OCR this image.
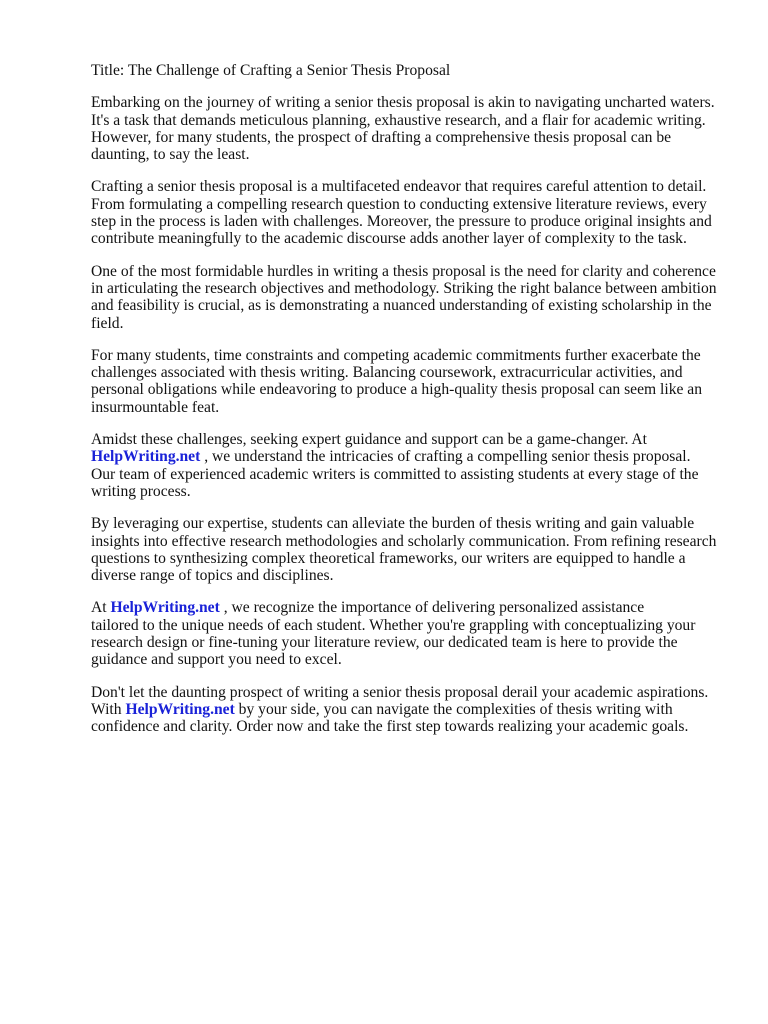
Title: The Challenge of Crafting a Senior Thesis Proposal

Embarking on the journey of writing a senior thesis proposal is akin to navigating uncharted waters.
It's a task that demands meticulous planning, exhaustive research, and a flair for academic writing.
However, for many students, the prospect of drafting a comprehensive thesis proposal can be
daunting, to say the least.

Crafting a senior thesis proposal is a multifaceted endeavor that requires careful attention to detail.
From formulating a compelling research question to conducting extensive literature reviews, every
step in the process is laden with challenges. Moreover, the pressure to produce original insights and
contribute meaningfully to the academic discourse adds another layer of complexity to the task.

One of the most formidable hurdles in writing a thesis proposal is the need for clarity and coherence
in articulating the research objectives and methodology. Striking the right balance between ambition
and feasibility is crucial, as is demonstrating a nuanced understanding of existing scholarship in the
field.

For many students, time constraints and competing academic commitments further exacerbate the
challenges associated with thesis writing. Balancing coursework, extracurricular activities, and
personal obligations while endeavoring to produce a high-quality thesis proposal can seem like an
insurmountable feat.

Amidst these challenges, seeking expert guidance and support can be a game-changer. At
HelpWriting.net , we understand the intricacies of crafting a compelling senior thesis proposal.
Our team of experienced academic writers is committed to assisting students at every stage of the
writing process.

By leveraging our expertise, students can alleviate the burden of thesis writing and gain valuable
insights into effective research methodologies and scholarly communication. From refining research
questions to synthesizing complex theoretical frameworks, our writers are equipped to handle a
diverse range of topics and disciplines.

At HelpWriting.net , we recognize the importance of delivering personalized assistance
tailored to the unique needs of each student. Whether you're grappling with conceptualizing your
research design or fine-tuning your literature review, our dedicated team is here to provide the
guidance and support you need to excel.

Don't let the daunting prospect of writing a senior thesis proposal derail your academic aspirations.
With HelpWriting.net by your side, you can navigate the complexities of thesis writing with
confidence and clarity. Order now and take the first step towards realizing your academic goals.
